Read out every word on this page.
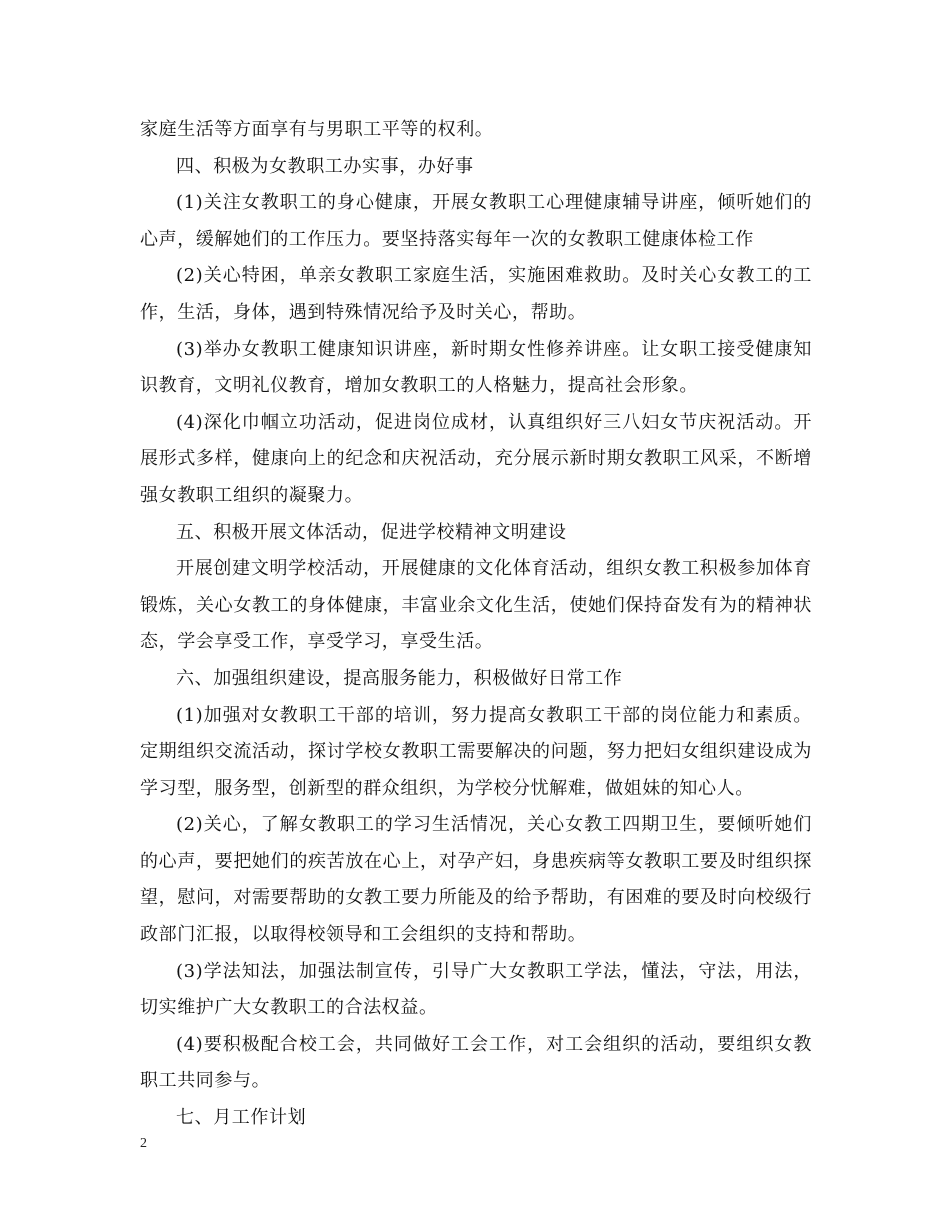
家庭生活等方面享有与男职工平等的权利。

四、积极为女教职工办实事，办好事

(1)关注女教职工的身心健康，开展女教职工心理健康辅导讲座，倾听她们的心声，缓解她们的工作压力。要坚持落实每年一次的女教职工健康体检工作

(2)关心特困，单亲女教职工家庭生活，实施困难救助。及时关心女教工的工作，生活，身体，遇到特殊情况给予及时关心，帮助。

(3)举办女教职工健康知识讲座，新时期女性修养讲座。让女职工接受健康知识教育，文明礼仪教育，增加女教职工的人格魅力，提高社会形象。

(4)深化巾帼立功活动，促进岗位成材，认真组织好三八妇女节庆祝活动。开展形式多样，健康向上的纪念和庆祝活动，充分展示新时期女教职工风采，不断增强女教职工组织的凝聚力。

五、积极开展文体活动，促进学校精神文明建设

开展创建文明学校活动，开展健康的文化体育活动，组织女教工积极参加体育锻炼，关心女教工的身体健康，丰富业余文化生活，使她们保持奋发有为的精神状态，学会享受工作，享受学习，享受生活。

六、加强组织建设，提高服务能力，积极做好日常工作

(1)加强对女教职工干部的培训，努力提高女教职工干部的岗位能力和素质。定期组织交流活动，探讨学校女教职工需要解决的问题，努力把妇女组织建设成为学习型，服务型，创新型的群众组织，为学校分忧解难，做姐妹的知心人。

(2)关心，了解女教职工的学习生活情况，关心女教工四期卫生，要倾听她们的心声，要把她们的疾苦放在心上，对孕产妇，身患疾病等女教职工要及时组织探望，慰问，对需要帮助的女教工要力所能及的给予帮助，有困难的要及时向校级行政部门汇报，以取得校领导和工会组织的支持和帮助。

(3)学法知法，加强法制宣传，引导广大女教职工学法，懂法，守法，用法，切实维护广大女教职工的合法权益。

(4)要积极配合校工会，共同做好工会工作，对工会组织的活动，要组织女教职工共同参与。

七、月工作计划

2
